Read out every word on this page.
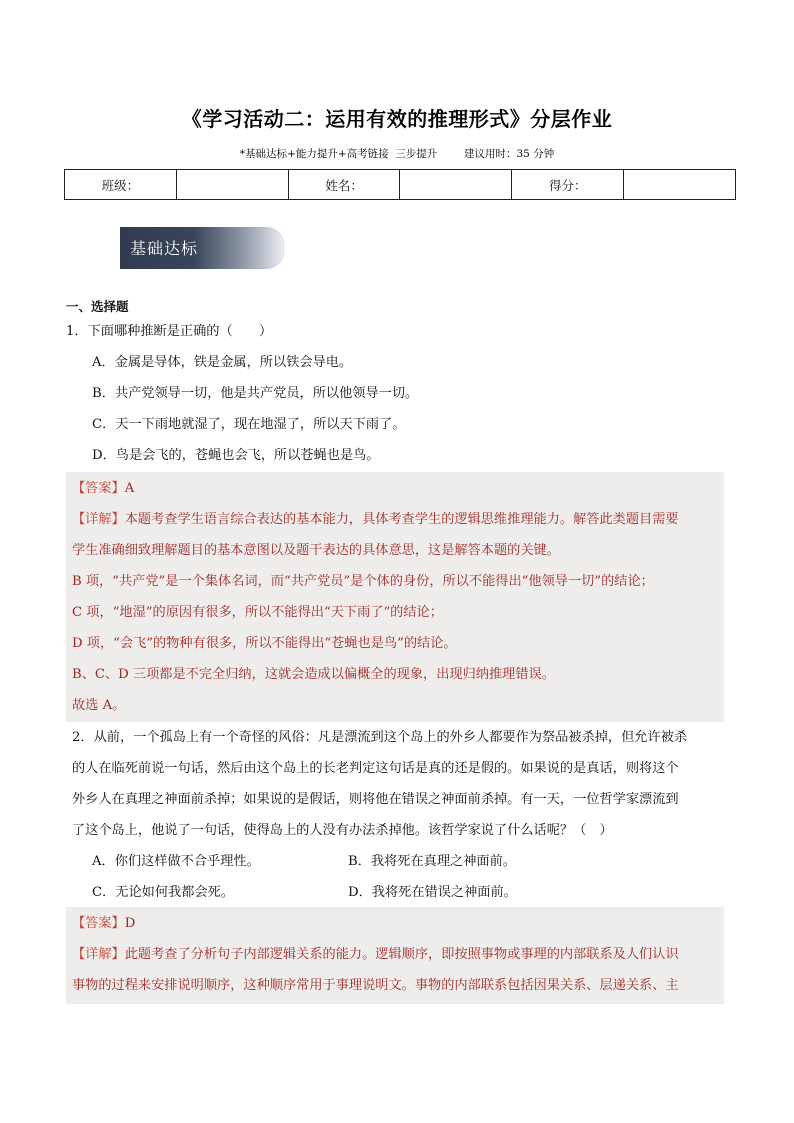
《学习活动二：运用有效的推理形式》分层作业
*基础达标+能力提升+高考链接  三步提升        建议用时：35 分钟
班级：		姓名：		得分：	
基础达标
一、选择题
1．下面哪种推断是正确的（　　）
A．金属是导体，铁是金属，所以铁会导电。
B．共产党领导一切，他是共产党员，所以他领导一切。
C．天一下雨地就湿了，现在地湿了，所以天下雨了。
D．鸟是会飞的，苍蝇也会飞，所以苍蝇也是鸟。
【答案】A
【详解】本题考查学生语言综合表达的基本能力，具体考查学生的逻辑思维推理能力。解答此类题目需要
学生准确细致理解题目的基本意图以及题干表达的具体意思，这是解答本题的关键。
B 项，“共产党”是一个集体名词，而“共产党员”是个体的身份，所以不能得出“他领导一切”的结论；
C 项，“地湿”的原因有很多，所以不能得出“天下雨了”的结论；
D 项，“会飞”的物种有很多，所以不能得出“苍蝇也是鸟”的结论。
B、C、D 三项都是不完全归纳，这就会造成以偏概全的现象，出现归纳推理错误。
故选 A。
2．从前，一个孤岛上有一个奇怪的风俗：凡是漂流到这个岛上的外乡人都要作为祭品被杀掉，但允许被杀
的人在临死前说一句话，然后由这个岛上的长老判定这句话是真的还是假的。如果说的是真话，则将这个
外乡人在真理之神面前杀掉；如果说的是假话，则将他在错误之神面前杀掉。有一天，一位哲学家漂流到
了这个岛上，他说了一句话，使得岛上的人没有办法杀掉他。该哲学家说了什么话呢？（　）
A．你们这样做不合乎理性。	B．我将死在真理之神面前。
C．无论如何我都会死。	D．我将死在错误之神面前。
【答案】D
【详解】此题考查了分析句子内部逻辑关系的能力。逻辑顺序，即按照事物或事理的内部联系及人们认识
事物的过程来安排说明顺序，这种顺序常用于事理说明文。事物的内部联系包括因果关系、层递关系、主
